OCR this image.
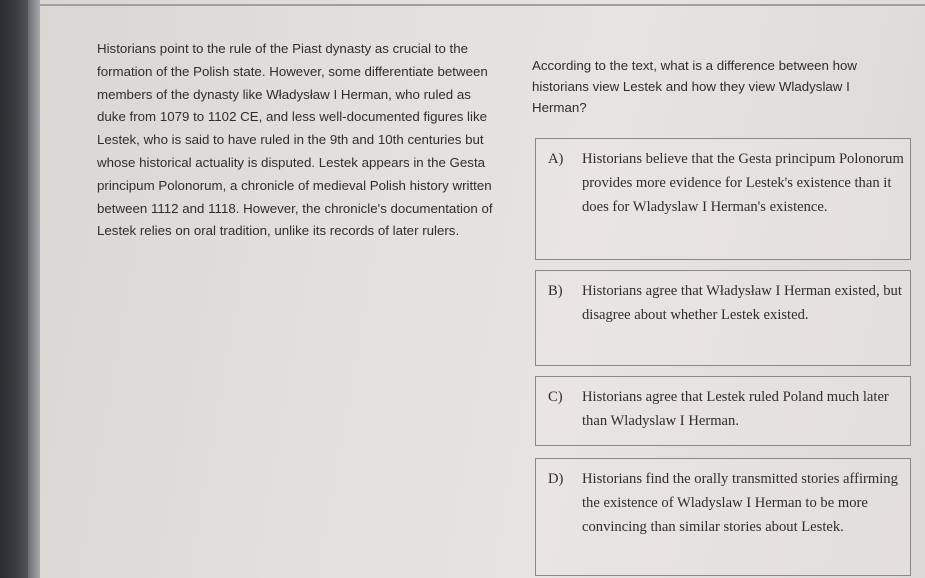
Historians point to the rule of the Piast dynasty as crucial to the formation of the Polish state. However, some differentiate between members of the dynasty like Władysław I Herman, who ruled as duke from 1079 to 1102 CE, and less well-documented figures like Lestek, who is said to have ruled in the 9th and 10th centuries but whose historical actuality is disputed. Lestek appears in the Gesta principum Polonorum, a chronicle of medieval Polish history written between 1112 and 1118. However, the chronicle's documentation of Lestek relies on oral tradition, unlike its records of later rulers.
According to the text, what is a difference between how historians view Lestek and how they view Wladyslaw I Herman?
A) Historians believe that the Gesta principum Polonorum provides more evidence for Lestek's existence than it does for Wladyslaw I Herman's existence.
B) Historians agree that Władysław I Herman existed, but disagree about whether Lestek existed.
C) Historians agree that Lestek ruled Poland much later than Wladyslaw I Herman.
D) Historians find the orally transmitted stories affirming the existence of Wladyslaw I Herman to be more convincing than similar stories about Lestek.
